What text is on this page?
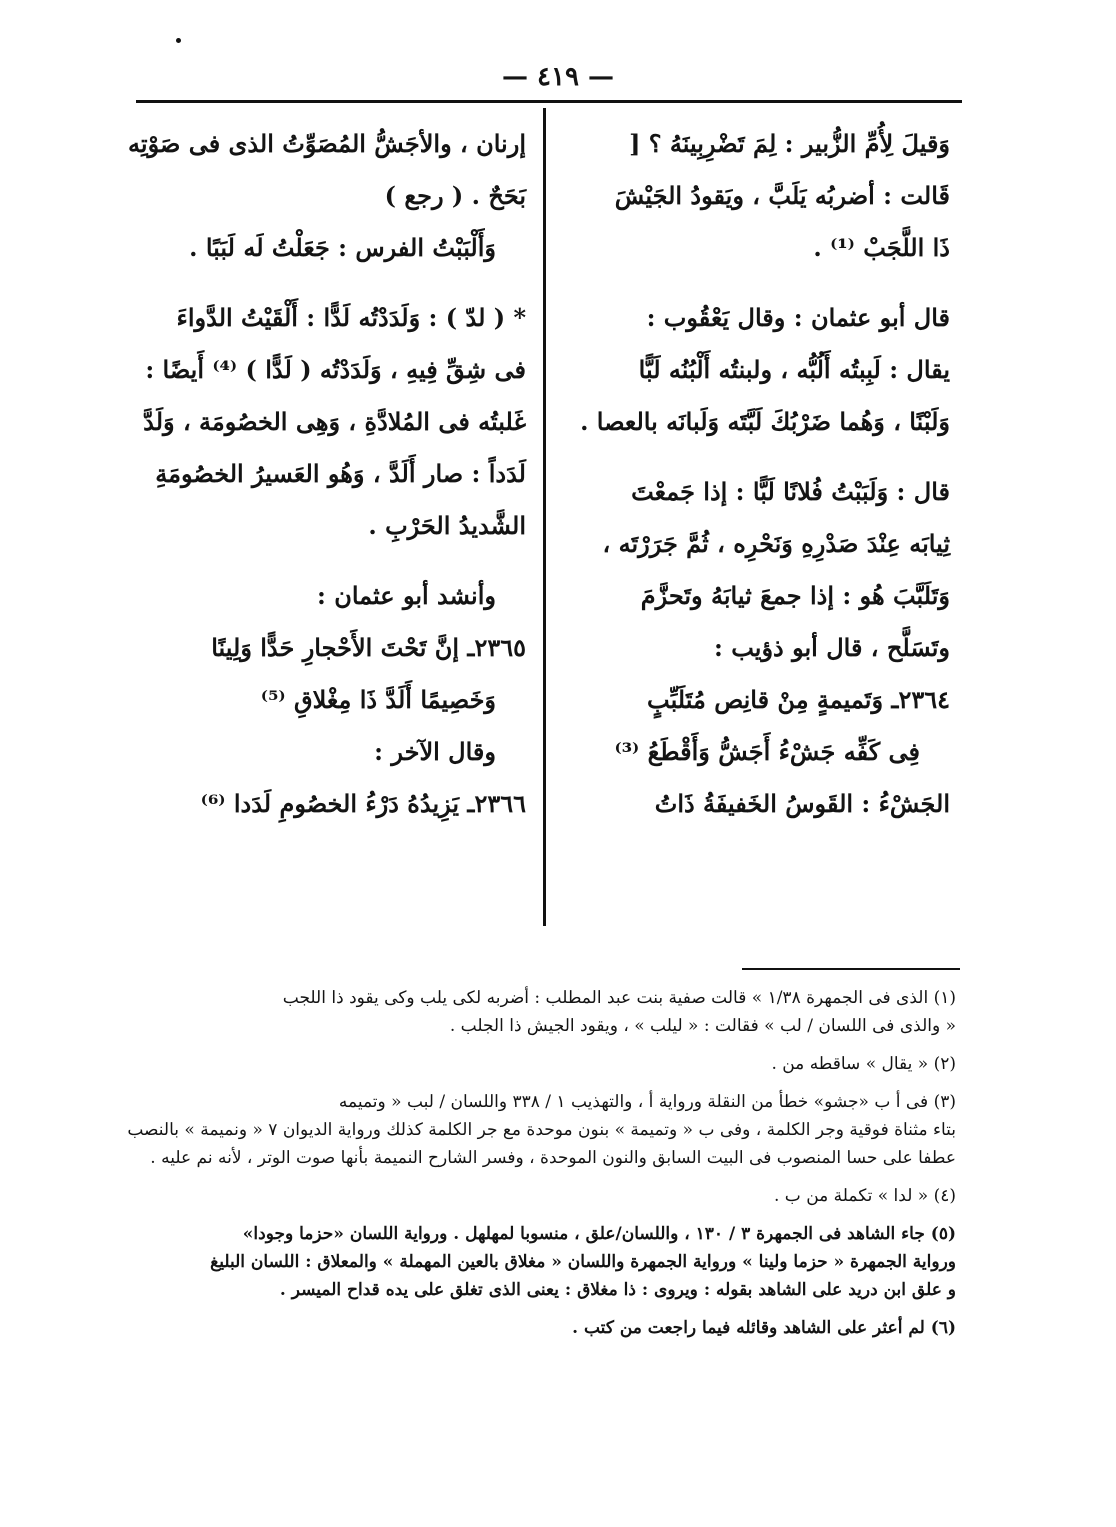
— ٤١٩ —
وَقيلَ لِأُمِّ الزُّبير : لِمَ تَضْرِبِينَهُ ؟ [
قَالت : أضربُه يَلَبَّ ، ويَقودُ الجَيْشَ
ذَا اللَّجَبْ ⁽¹⁾ .
قال أبو عثمان : وقال يَعْقُوب :
يقال : لَبِبتُه أَلُبُّه ، ولبنتُه أَلْبُنُه لَبًّا
وَلَبْنًا ، وَهُما ضَرْبُكَ لَبَّتَه وَلَبانَه بالعصا .
قال : وَلَبَبْتُ فُلانًا لَبًّا : إذا جَمعْتَ
ثِيابَه عِنْدَ صَدْرِهِ وَنَحْرِه ، ثُمَّ جَرَرْتَه ،
وَتَلَبَّبَ هُو : إذا جمعَ ثيابَهُ وتَحزَّمَ
وتَسَلَّح ، قال أبو ذؤيب :
٢٣٦٤ـ وَتَميمةٍ مِنْ قانِص مُتَلَبِّبٍ
فِى كَفِّه جَشْءُ أَجَشُّ وَأَقْطَعُ ⁽³⁾
الجَشْءُ : القَوسُ الخَفيفَةُ ذَاتُ
إرنان ، والأجَشُّ المُصَوِّتُ الذى فى صَوْتِه
بَحَحٌ . ( رجع )
وَأَلْبَبْتُ الفرس : جَعَلْتُ لَه لَبَبًا .
* ( لدّ ) : وَلَدَدْتُه لَدًّا : أَلْقَيْتُ الدَّواءَ
فى شِقِّ فِيهِ ، وَلَدَدْتُه ( لَدًّا ) ⁽⁴⁾ أَيضًا :
غَلبتُه فى المُلادَّةِ ، وَهِى الخصُومَة ، وَلَدَّ
لَدَداً : صار أَلَدَّ ، وَهُو العَسيرُ الخصُومَةِ
الشَّديدُ الحَرْبِ .
وأنشد أبو عثمان :
٢٣٦٥ـ إنَّ تَحْتَ الأَحْجارِ حَدًّا وَلِينًا
وَخَصِيمًا أَلَدَّ ذَا مِغْلاقِ ⁽⁵⁾
وقال الآخر :
٢٣٦٦ـ يَزِيدُهُ دَرْءُ الخصُومِ لَدَدا ⁽⁶⁾
(١) الذى فى الجمهرة ١/٣٨ » قالت صفية بنت عبد المطلب : أضربه لكى يلب وكى يقود ذا اللجب
« والذى فى اللسان / لب » فقالت : « ليلب » ، ويقود الجيش ذا الجلب .
(٢) « يقال » ساقطه من .
(٣) فى أ ب «جشو» خطأ من النقلة ورواية أ ، والتهذيب ١ / ٣٣٨ واللسان / لبب « وتميمه
بتاء مثناة فوقية وجر الكلمة ، وفى ب « وتميمة » بنون موحدة مع جر الكلمة كذلك ورواية الديوان ٧ « ونميمة » بالنصب
عطفا على حسا المنصوب فى البيت السابق والنون الموحدة ، وفسر الشارح النميمة بأنها صوت الوتر ، لأنه نم عليه .
(٤) « لدا » تكملة من ب .
(٥) جاء الشاهد فى الجمهرة ٣ / ١٣٠ ، واللسان/علق ، منسوبا لمهلهل . ورواية اللسان «حزما وجودا»
ورواية الجمهرة « حزما ولينا » ورواية الجمهرة واللسان « مغلاق بالعين المهملة » والمعلاق : اللسان البليغ
و علق ابن دريد على الشاهد بقوله : ويروى : ذا مغلاق : يعنى الذى تغلق على يده قداح الميسر .
(٦) لم أعثر على الشاهد وقائله فيما راجعت من كتب .
